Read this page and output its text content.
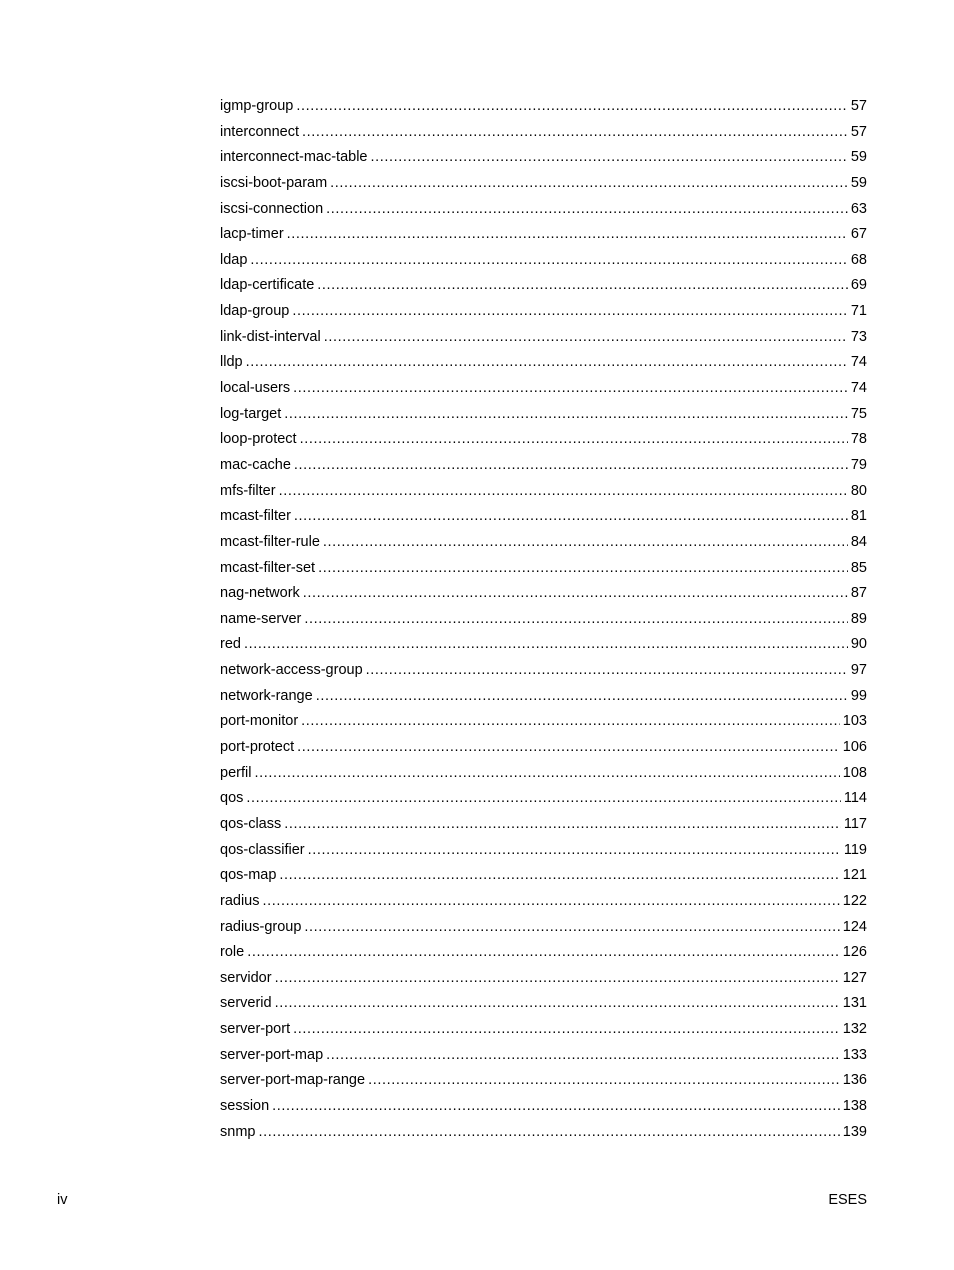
igmp-group .....	57
interconnect .....	57
interconnect-mac-table .....	59
iscsi-boot-param .....	59
iscsi-connection .....	63
lacp-timer .....	67
ldap .....	68
ldap-certificate .....	69
ldap-group .....	71
link-dist-interval .....	73
lldp .....	74
local-users .....	74
log-target .....	75
loop-protect .....	78
mac-cache .....	79
mfs-filter .....	80
mcast-filter .....	81
mcast-filter-rule .....	84
mcast-filter-set .....	85
nag-network .....	87
name-server .....	89
red .....	90
network-access-group .....	97
network-range .....	99
port-monitor .....	103
port-protect .....	106
perfil .....	108
qos .....	114
qos-class .....	117
qos-classifier .....	119
qos-map .....	121
radius .....	122
radius-group .....	124
role .....	126
servidor .....	127
serverid .....	131
server-port .....	132
server-port-map .....	133
server-port-map-range .....	136
session .....	138
snmp .....	139
iv	ESES
